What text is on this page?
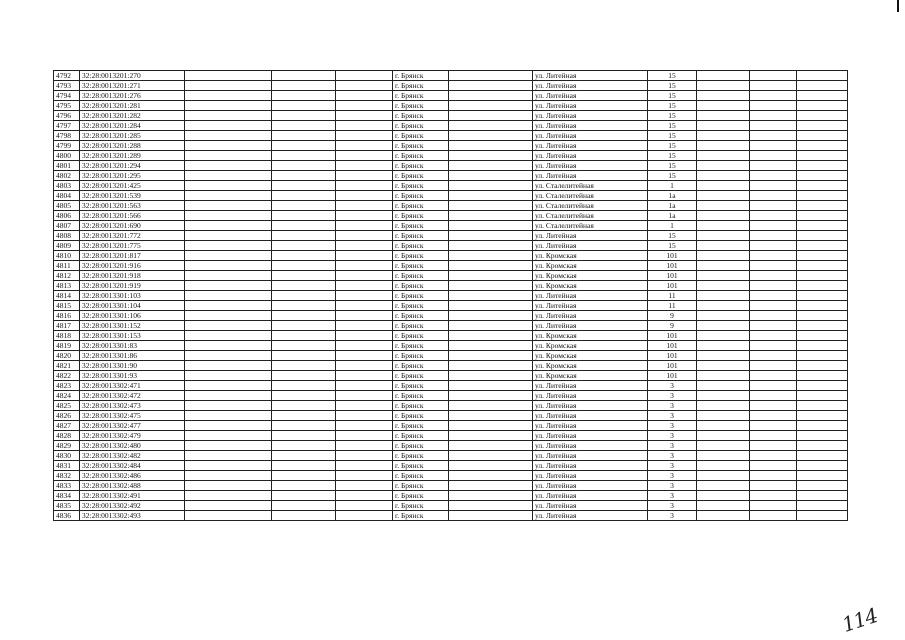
4792	32:28:0013201:270				г. Брянск		ул. Литейная	15			
4793	32:28:0013201:271				г. Брянск		ул. Литейная	15			
4794	32:28:0013201:276				г. Брянск		ул. Литейная	15			
4795	32:28:0013201:281				г. Брянск		ул. Литейная	15			
4796	32:28:0013201:282				г. Брянск		ул. Литейная	15			
4797	32:28:0013201:284				г. Брянск		ул. Литейная	15			
4798	32:28:0013201:285				г. Брянск		ул. Литейная	15			
4799	32:28:0013201:288				г. Брянск		ул. Литейная	15			
4800	32:28:0013201:289				г. Брянск		ул. Литейная	15			
4801	32:28:0013201:294				г. Брянск		ул. Литейная	15			
4802	32:28:0013201:295				г. Брянск		ул. Литейная	15			
4803	32:28:0013201:425				г. Брянск		ул. Сталелитейная	1			
4804	32:28:0013201:539				г. Брянск		ул. Сталелитейная	1а			
4805	32:28:0013201:563				г. Брянск		ул. Сталелитейная	1а			
4806	32:28:0013201:566				г. Брянск		ул. Сталелитейная	1а			
4807	32:28:0013201:690				г. Брянск		ул. Сталелитейная	1			
4808	32:28:0013201:772				г. Брянск		ул. Литейная	15			
4809	32:28:0013201:775				г. Брянск		ул. Литейная	15			
4810	32:28:0013201:817				г. Брянск		ул. Кромская	101			
4811	32:28:0013201:916				г. Брянск		ул. Кромская	101			
4812	32:28:0013201:918				г. Брянск		ул. Кромская	101			
4813	32:28:0013201:919				г. Брянск		ул. Кромская	101			
4814	32:28:0013301:103				г. Брянск		ул. Литейная	11			
4815	32:28:0013301:104				г. Брянск		ул. Литейная	11			
4816	32:28:0013301:106				г. Брянск		ул. Литейная	9			
4817	32:28:0013301:152				г. Брянск		ул. Литейная	9			
4818	32:28:0013301:153				г. Брянск		ул. Кромская	101			
4819	32:28:0013301:83				г. Брянск		ул. Кромская	101			
4820	32:28:0013301:86				г. Брянск		ул. Кромская	101			
4821	32:28:0013301:90				г. Брянск		ул. Кромская	101			
4822	32:28:0013301:93				г. Брянск		ул. Кромская	101			
4823	32:28:0013302:471				г. Брянск		ул. Литейная	3			
4824	32:28:0013302:472				г. Брянск		ул. Литейная	3			
4825	32:28:0013302:473				г. Брянск		ул. Литейная	3			
4826	32:28:0013302:475				г. Брянск		ул. Литейная	3			
4827	32:28:0013302:477				г. Брянск		ул. Литейная	3			
4828	32:28:0013302:479				г. Брянск		ул. Литейная	3			
4829	32:28:0013302:480				г. Брянск		ул. Литейная	3			
4830	32:28:0013302:482				г. Брянск		ул. Литейная	3			
4831	32:28:0013302:484				г. Брянск		ул. Литейная	3			
4832	32:28:0013302:486				г. Брянск		ул. Литейная	3			
4833	32:28:0013302:488				г. Брянск		ул. Литейная	3			
4834	32:28:0013302:491				г. Брянск		ул. Литейная	3			
4835	32:28:0013302:492				г. Брянск		ул. Литейная	3			
4836	32:28:0013302:493				г. Брянск		ул. Литейная	3			
114
